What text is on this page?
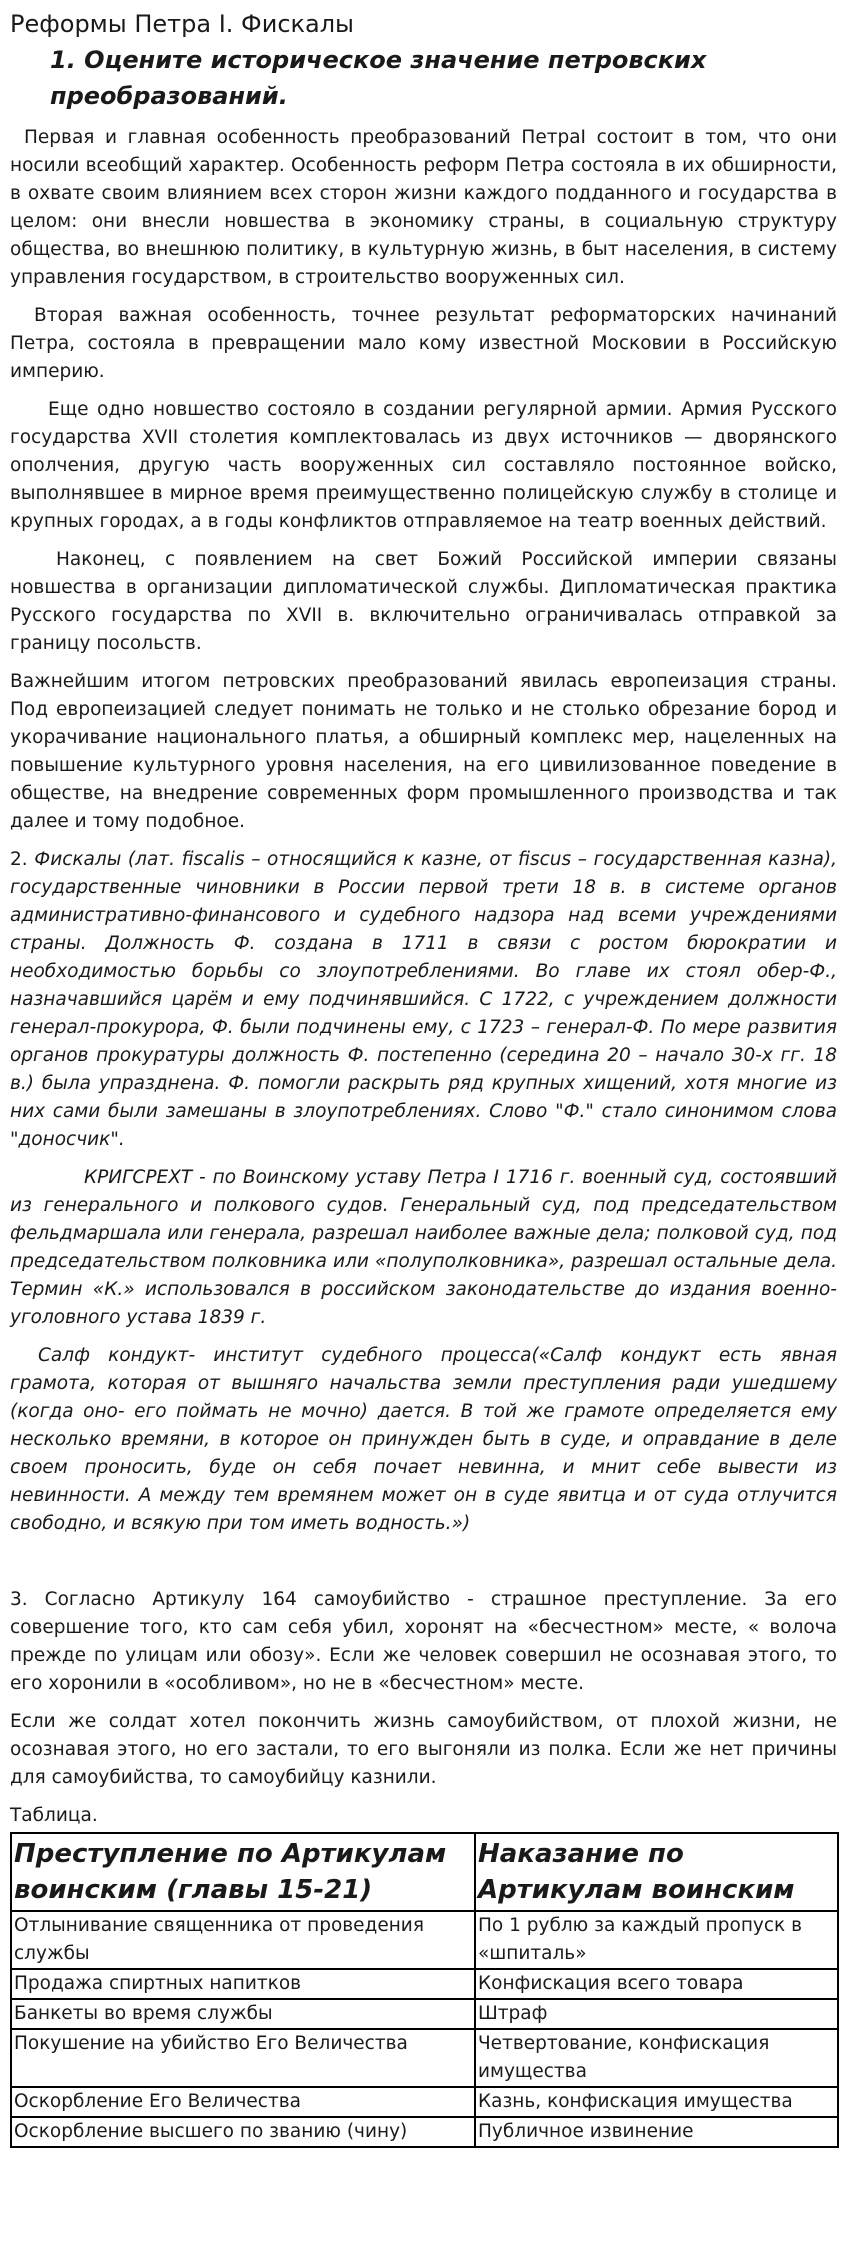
Реформы Петра I. Фискалы
1. Оцените историческое значение петровских преобразований.

Первая и главная особенность преобразований ПетраI состоит в том, что они носили всеобщий характер. Особенность реформ Петра состояла в их обширности, в охвате своим влиянием всех сторон жизни каждого подданного и государства в целом: они внесли новшества в экономику страны, в социальную структуру общества, во внешнюю политику, в культурную жизнь, в быт населения, в систему управления государством, в строительство вооруженных сил.

Вторая важная особенность, точнее результат реформаторских начинаний Петра, состояла в превращении мало кому известной Московии в Российскую империю.

Еще одно новшество состояло в создании регулярной армии. Армия Русского государства XVII столетия комплектовалась из двух источников — дворянского ополчения, другую часть вооруженных сил составляло постоянное войско, выполнявшее в мирное время преимущественно полицейскую службу в столице и крупных городах, а в годы конфликтов отправляемое на театр военных действий.

Наконец, с появлением на свет Божий Российской империи связаны новшества в организации дипломатической службы. Дипломатическая практика Русского государства по XVII в. включительно ограничивалась отправкой за границу посольств.

Важнейшим итогом петровских преобразований явилась европеизация страны. Под европеизацией следует понимать не только и не столько обрезание бород и укорачивание национального платья, а обширный комплекс мер, нацеленных на повышение культурного уровня населения, на его цивилизованное поведение в обществе, на внедрение современных форм промышленного производства и так далее и тому подобное.

2. Фискалы (лат. fiscalis – относящийся к казне, от fiscus – государственная казна), государственные чиновники в России первой трети 18 в. в системе органов административно-финансового и судебного надзора над всеми учреждениями страны. Должность Ф. создана в 1711 в связи с ростом бюрократии и необходимостью борьбы со злоупотреблениями. Во главе их стоял обер-Ф., назначавшийся царём и ему подчинявшийся. С 1722, с учреждением должности генерал-прокурора, Ф. были подчинены ему, с 1723 – генерал-Ф. По мере развития органов прокуратуры должность Ф. постепенно (середина 20 – начало 30-х гг. 18 в.) была упразднена. Ф. помогли раскрыть ряд крупных хищений, хотя многие из них сами были замешаны в злоупотреблениях. Слово "Ф." стало синонимом слова "доносчик".

КРИГСРЕХТ - по Воинскому уставу Петра I 1716 г. военный суд, состоявший из генерального и полкового судов. Генеральный суд, под председательством фельдмаршала или генерала, разрешал наиболее важные дела; полковой суд, под председательством полковника или «полуполковника», разрешал остальные дела. Термин «К.» использовался в российском законодательстве до издания военно-уголовного устава 1839 г.

Салф кондукт- институт судебного процесса(«Салф кондукт есть явная грамота, которая от вышняго начальства земли преступления ради ушедшему (когда оно- его поймать не мочно) дается. В той же грамоте определяется ему несколько времяни, в которое он принужден быть в суде, и оправдание в деле своем проносить, буде он себя почает невинна, и мнит себе вывести из невинности. А между тем времянем может он в суде явитца и от суда отлучится свободно, и всякую при том иметь водность.»)

3. Согласно Артикулу 164 самоубийство - страшное преступление. За его совершение того, кто сам себя убил, хоронят на «бесчестном» месте, « волоча прежде по улицам или обозу». Если же человек совершил не осознавая этого, то его хоронили в «особливом», но не в «бесчестном» месте.

Если же солдат хотел покончить жизнь самоубийством, от плохой жизни, не осознавая этого, но его застали, то его выгоняли из полка. Если же нет причины для самоубийства, то самоубийцу казнили.

Таблица.

Преступление по Артикулам воинским (главы 15-21)	Наказание по Артикулам воинским
Отлынивание священника от проведения службы	По 1 рублю за каждый пропуск в «шпиталь»
Продажа спиртных напитков	Конфискация всего товара
Банкеты во время службы	Штраф
Покушение на убийство Его Величества	Четвертование, конфискация имущества
Оскорбление Его Величества	Казнь, конфискация имущества
Оскорбление высшего по званию (чину)	Публичное извинение
